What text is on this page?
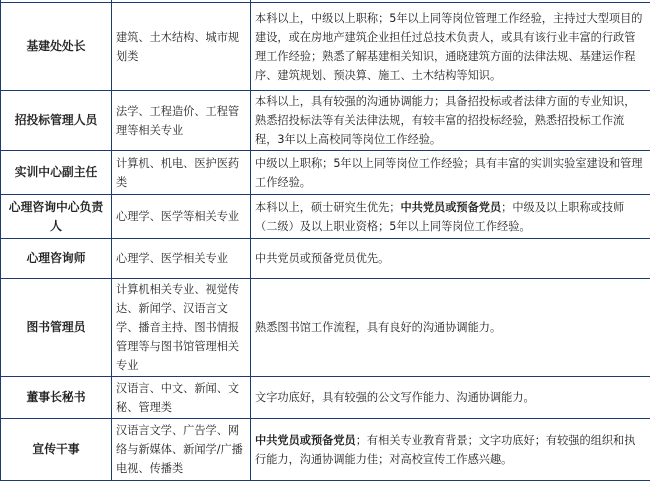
基建处处长	建筑、土木结构、城市规划类	本科以上，中级以上职称；5年以上同等岗位管理工作经验，主持过大型项目的建设，或在房地产建筑企业担任过总技术负责人，或具有该行业丰富的行政管理工作经验；熟悉了解基建相关知识，通晓建筑方面的法律法规、基建运作程序、建筑规划、预决算、施工、土木结构等知识。
招投标管理人员	法学、工程造价、工程管理等相关专业	本科以上，具有较强的沟通协调能力；具备招投标或者法律方面的专业知识，熟悉招投标法等有关法律法规，有较丰富的招投标经验，熟悉招投标工作流程，3年以上高校同等岗位工作经验。
实训中心副主任	计算机、机电、医护医药类	中级以上职称；5年以上同等岗位工作经验；具有丰富的实训实验室建设和管理工作经验。
心理咨询中心负责人	心理学、医学等相关专业	本科以上，硕士研究生优先；中共党员或预备党员；中级及以上职称或技师（二级）及以上职业资格；5年以上同等岗位工作经验。
心理咨询师	心理学、医学相关专业	中共党员或预备党员优先。
图书管理员	计算机相关专业、视觉传达、新闻学、汉语言文学、播音主持、图书情报管理等与图书馆管理相关专业	熟悉图书馆工作流程，具有良好的沟通协调能力。
董事长秘书	汉语言、中文、新闻、文秘、管理类	文字功底好，具有较强的公文写作能力、沟通协调能力。
宣传干事	汉语言文学、广告学、网络与新媒体、新闻学/广播电视、传播类	中共党员或预备党员；有相关专业教育背景；文字功底好；有较强的组织和执行能力，沟通协调能力佳；对高校宣传工作感兴趣。
